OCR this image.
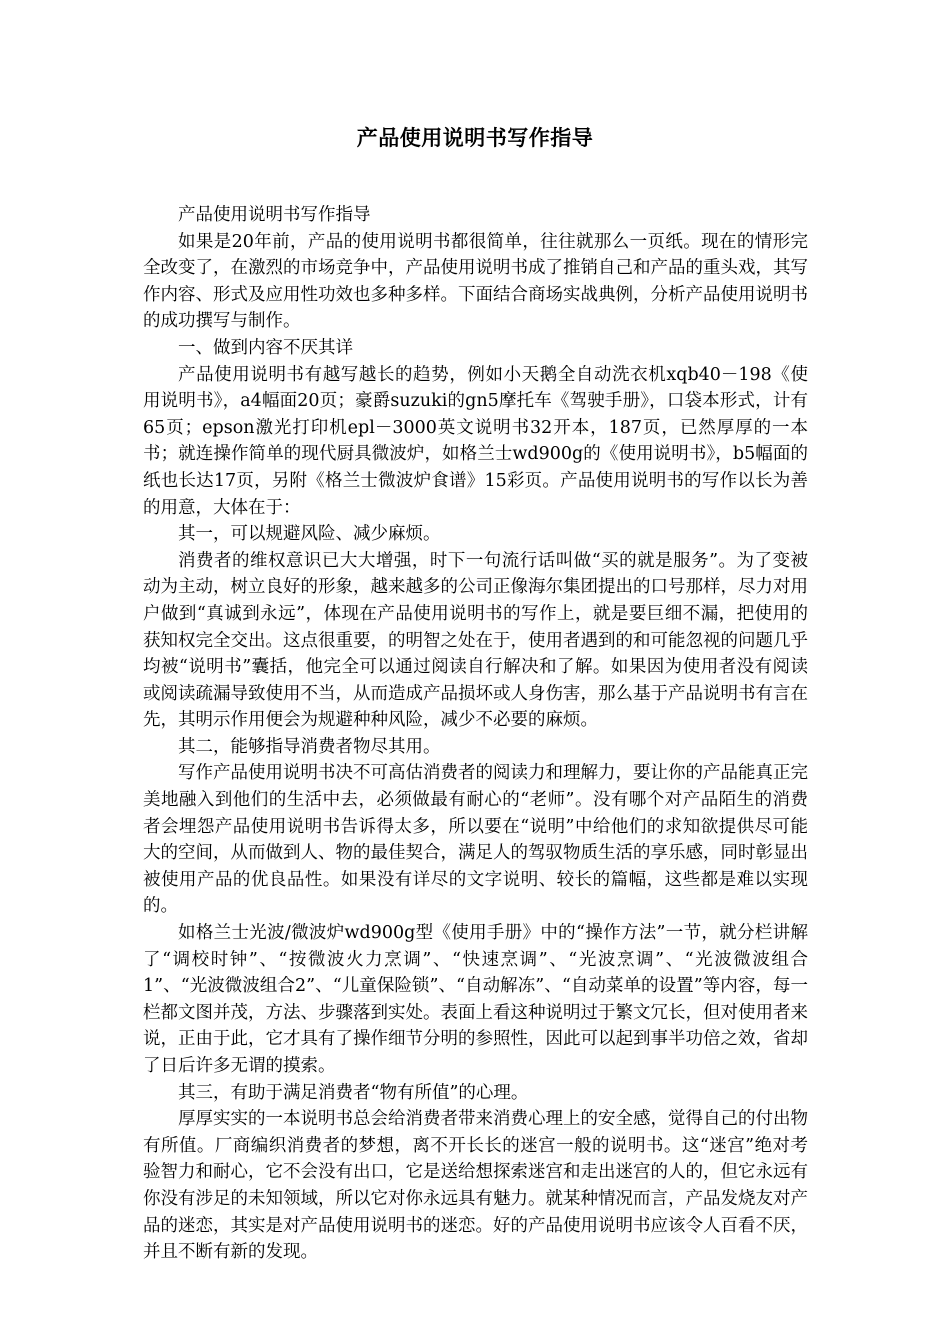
产品使用说明书写作指导

产品使用说明书写作指导

如果是20年前，产品的使用说明书都很简单，往往就那么一页纸。现在的情形完全改变了，在激烈的市场竞争中，产品使用说明书成了推销自己和产品的重头戏，其写作内容、形式及应用性功效也多种多样。下面结合商场实战典例，分析产品使用说明书的成功撰写与制作。

一、做到内容不厌其详

产品使用说明书有越写越长的趋势，例如小天鹅全自动洗衣机xqb40－198《使用说明书》，a4幅面20页；豪爵suzuki的gn5摩托车《驾驶手册》，口袋本形式，计有65页；epson激光打印机epl－3000英文说明书32开本，187页，已然厚厚的一本书；就连操作简单的现代厨具微波炉，如格兰士wd900g的《使用说明书》，b5幅面的纸也长达17页，另附《格兰士微波炉食谱》15彩页。产品使用说明书的写作以长为善的用意，大体在于：

其一，可以规避风险、减少麻烦。

消费者的维权意识已大大增强，时下一句流行话叫做“买的就是服务”。为了变被动为主动，树立良好的形象，越来越多的公司正像海尔集团提出的口号那样，尽力对用户做到“真诚到永远”，体现在产品使用说明书的写作上，就是要巨细不漏，把使用的获知权完全交出。这点很重要，的明智之处在于，使用者遇到的和可能忽视的问题几乎均被“说明书”囊括，他完全可以通过阅读自行解决和了解。如果因为使用者没有阅读或阅读疏漏导致使用不当，从而造成产品损坏或人身伤害，那么基于产品说明书有言在先，其明示作用便会为规避种种风险，减少不必要的麻烦。

其二，能够指导消费者物尽其用。

写作产品使用说明书决不可高估消费者的阅读力和理解力，要让你的产品能真正完美地融入到他们的生活中去，必须做最有耐心的“老师”。没有哪个对产品陌生的消费者会埋怨产品使用说明书告诉得太多，所以要在“说明”中给他们的求知欲提供尽可能大的空间，从而做到人、物的最佳契合，满足人的驾驭物质生活的享乐感，同时彰显出被使用产品的优良品性。如果没有详尽的文字说明、较长的篇幅，这些都是难以实现的。

如格兰士光波/微波炉wd900g型《使用手册》中的“操作方法”一节，就分栏讲解了“调校时钟”、“按微波火力烹调”、“快速烹调”、“光波烹调”、“光波微波组合1”、“光波微波组合2”、“儿童保险锁”、“自动解冻”、“自动菜单的设置”等内容，每一栏都文图并茂，方法、步骤落到实处。表面上看这种说明过于繁文冗长，但对使用者来说，正由于此，它才具有了操作细节分明的参照性，因此可以起到事半功倍之效，省却了日后许多无谓的摸索。

其三，有助于满足消费者“物有所值”的心理。

厚厚实实的一本说明书总会给消费者带来消费心理上的安全感，觉得自己的付出物有所值。厂商编织消费者的梦想，离不开长长的迷宫一般的说明书。这“迷宫”绝对考验智力和耐心，它不会没有出口，它是送给想探索迷宫和走出迷宫的人的，但它永远有你没有涉足的未知领域，所以它对你永远具有魅力。就某种情况而言，产品发烧友对产品的迷恋，其实是对产品使用说明书的迷恋。好的产品使用说明书应该令人百看不厌，并且不断有新的发现。
